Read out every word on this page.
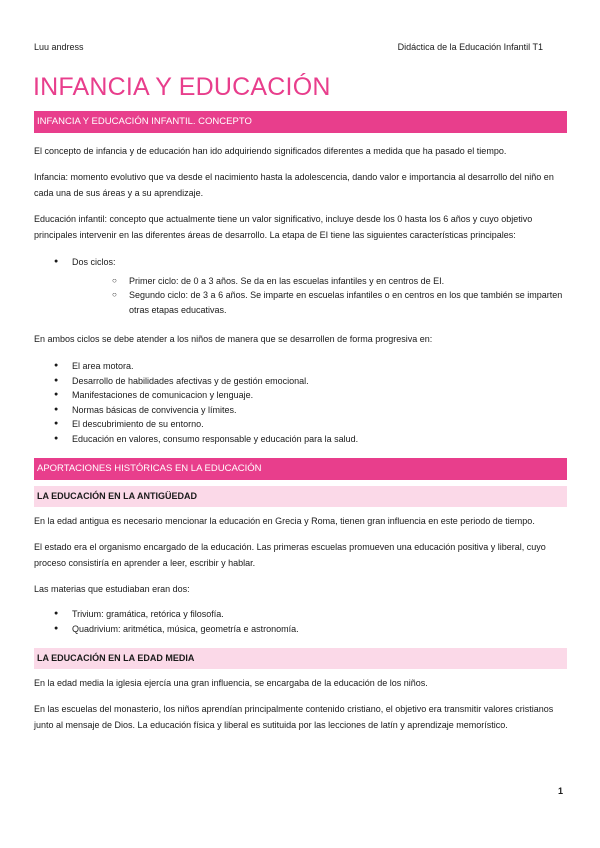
Luu andress	Didáctica de la Educación Infantil T1
INFANCIA Y EDUCACIÓN
INFANCIA Y EDUCACIÓN INFANTIL. CONCEPTO

El concepto de infancia y de educación han ido adquiriendo significados diferentes a medida que ha pasado el tiempo.

Infancia: momento evolutivo que va desde el nacimiento hasta la adolescencia, dando valor e importancia al desarrollo del niño en cada una de sus áreas y a su aprendizaje.

Educación infantil: concepto que actualmente tiene un valor significativo, incluye desde los 0 hasta los 6 años y cuyo objetivo principales intervenir en las diferentes áreas de desarrollo. La etapa de EI tiene las siguientes características principales:

● Dos ciclos:
○ Primer ciclo: de 0 a 3 años. Se da en las escuelas infantiles y en centros de EI.
○ Segundo ciclo: de 3 a 6 años. Se imparte en escuelas infantiles o en centros en los que también se imparten otras etapas educativas.

En ambos ciclos se debe atender a los niños de manera que se desarrollen de forma progresiva en:

● El area motora.
● Desarrollo de habilidades afectivas y de gestión emocional.
● Manifestaciones de comunicacion y lenguaje.
● Normas básicas de convivencia y límites.
● El descubrimiento de su entorno.
● Educación en valores, consumo responsable y educación para la salud.
APORTACIONES HISTÓRICAS EN LA EDUCACIÓN
LA EDUCACIÓN EN LA ANTIGÜEDAD

En la edad antigua es necesario mencionar la educación en Grecia y Roma, tienen gran influencia en este periodo de tiempo.

El estado era el organismo encargado de la educación. Las primeras escuelas promueven una educación positiva y liberal, cuyo proceso consistiría en aprender a leer, escribir y hablar.

Las materias que estudiaban eran dos:

● Trivium: gramática, retórica y filosofía.
● Quadrivium: aritmética, música, geometría e astronomía.
LA EDUCACIÓN EN LA EDAD MEDIA

En la edad media la iglesia ejercía una gran influencia, se encargaba de la educación de los niños.

En las escuelas del monasterio, los niños aprendían principalmente contenido cristiano, el objetivo era transmitir valores cristianos junto al mensaje de Dios. La educación física y liberal es sutituida por las lecciones de latín y aprendizaje memorístico.

1
